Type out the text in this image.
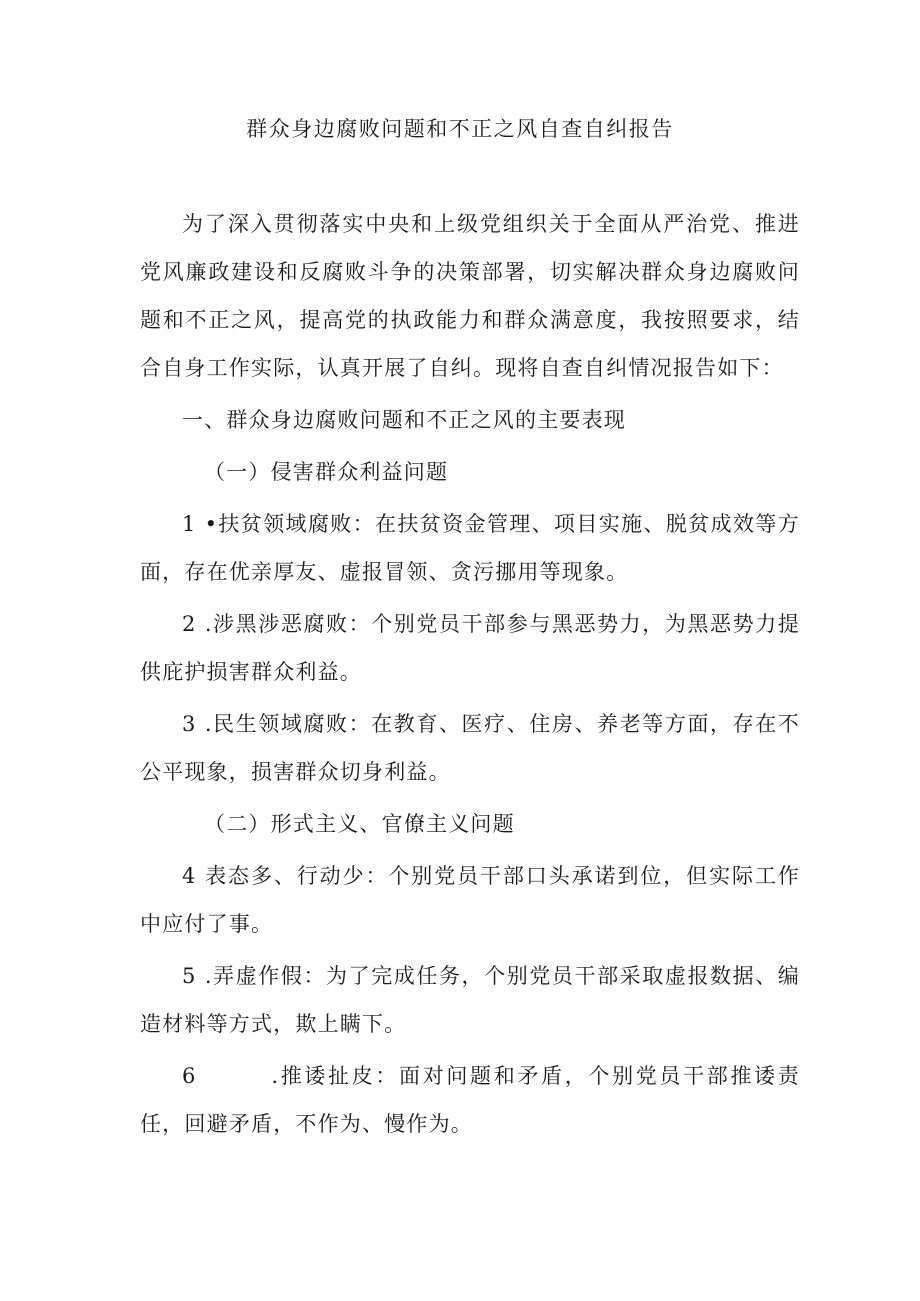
群众身边腐败问题和不正之风自查自纠报告

为了深入贯彻落实中央和上级党组织关于全面从严治党、推进党风廉政建设和反腐败斗争的决策部署，切实解决群众身边腐败问题和不正之风，提高党的执政能力和群众满意度，我按照要求，结合自身工作实际，认真开展了自纠。现将自查自纠情况报告如下：

一、群众身边腐败问题和不正之风的主要表现

（一）侵害群众利益问题

1 •扶贫领域腐败：在扶贫资金管理、项目实施、脱贫成效等方面，存在优亲厚友、虚报冒领、贪污挪用等现象。

2 .涉黑涉恶腐败：个别党员干部参与黑恶势力，为黑恶势力提供庇护损害群众利益。

3 .民生领域腐败：在教育、医疗、住房、养老等方面，存在不公平现象，损害群众切身利益。

（二）形式主义、官僚主义问题

4 表态多、行动少：个别党员干部口头承诺到位，但实际工作中应付了事。

5 .弄虚作假：为了完成任务，个别党员干部采取虚报数据、编造材料等方式，欺上瞒下。

6        .推诿扯皮：面对问题和矛盾，个别党员干部推诿责任，回避矛盾，不作为、慢作为。
